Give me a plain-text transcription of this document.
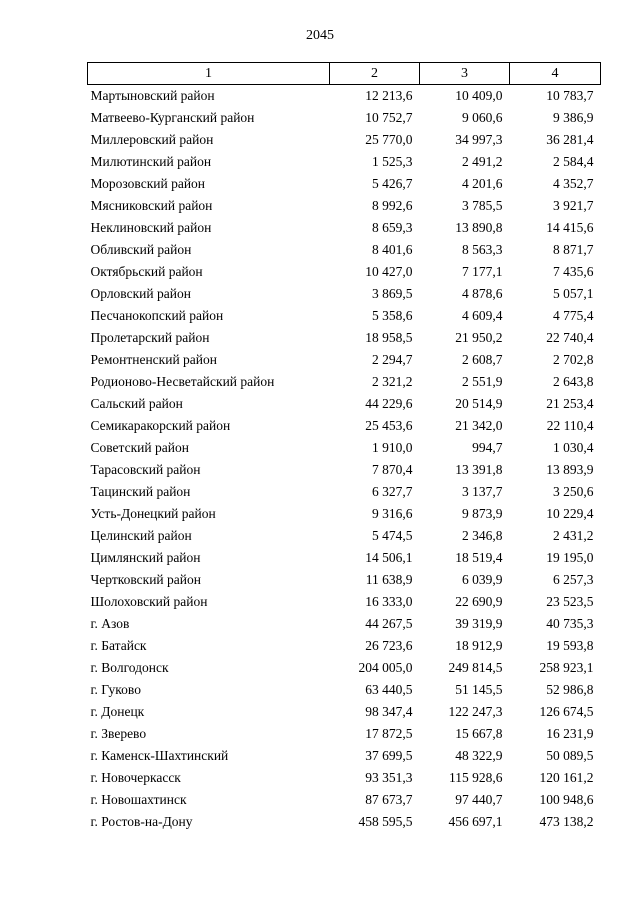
2045
1	2	3	4
Мартыновский район	12 213,6	10 409,0	10 783,7
Матвеево-Курганский район	10 752,7	9 060,6	9 386,9
Миллеровский район	25 770,0	34 997,3	36 281,4
Милютинский район	1 525,3	2 491,2	2 584,4
Морозовский район	5 426,7	4 201,6	4 352,7
Мясниковский район	8 992,6	3 785,5	3 921,7
Неклиновский район	8 659,3	13 890,8	14 415,6
Обливский район	8 401,6	8 563,3	8 871,7
Октябрьский район	10 427,0	7 177,1	7 435,6
Орловский район	3 869,5	4 878,6	5 057,1
Песчанокопский район	5 358,6	4 609,4	4 775,4
Пролетарский район	18 958,5	21 950,2	22 740,4
Ремонтненский район	2 294,7	2 608,7	2 702,8
Родионово-Несветайский район	2 321,2	2 551,9	2 643,8
Сальский район	44 229,6	20 514,9	21 253,4
Семикаракорский район	25 453,6	21 342,0	22 110,4
Советский район	1 910,0	994,7	1 030,4
Тарасовский район	7 870,4	13 391,8	13 893,9
Тацинский район	6 327,7	3 137,7	3 250,6
Усть-Донецкий район	9 316,6	9 873,9	10 229,4
Целинский район	5 474,5	2 346,8	2 431,2
Цимлянский район	14 506,1	18 519,4	19 195,0
Чертковский район	11 638,9	6 039,9	6 257,3
Шолоховский район	16 333,0	22 690,9	23 523,5
г. Азов	44 267,5	39 319,9	40 735,3
г. Батайск	26 723,6	18 912,9	19 593,8
г. Волгодонск	204 005,0	249 814,5	258 923,1
г. Гуково	63 440,5	51 145,5	52 986,8
г. Донецк	98 347,4	122 247,3	126 674,5
г. Зверево	17 872,5	15 667,8	16 231,9
г. Каменск-Шахтинский	37 699,5	48 322,9	50 089,5
г. Новочеркасск	93 351,3	115 928,6	120 161,2
г. Новошахтинск	87 673,7	97 440,7	100 948,6
г. Ростов-на-Дону	458 595,5	456 697,1	473 138,2
